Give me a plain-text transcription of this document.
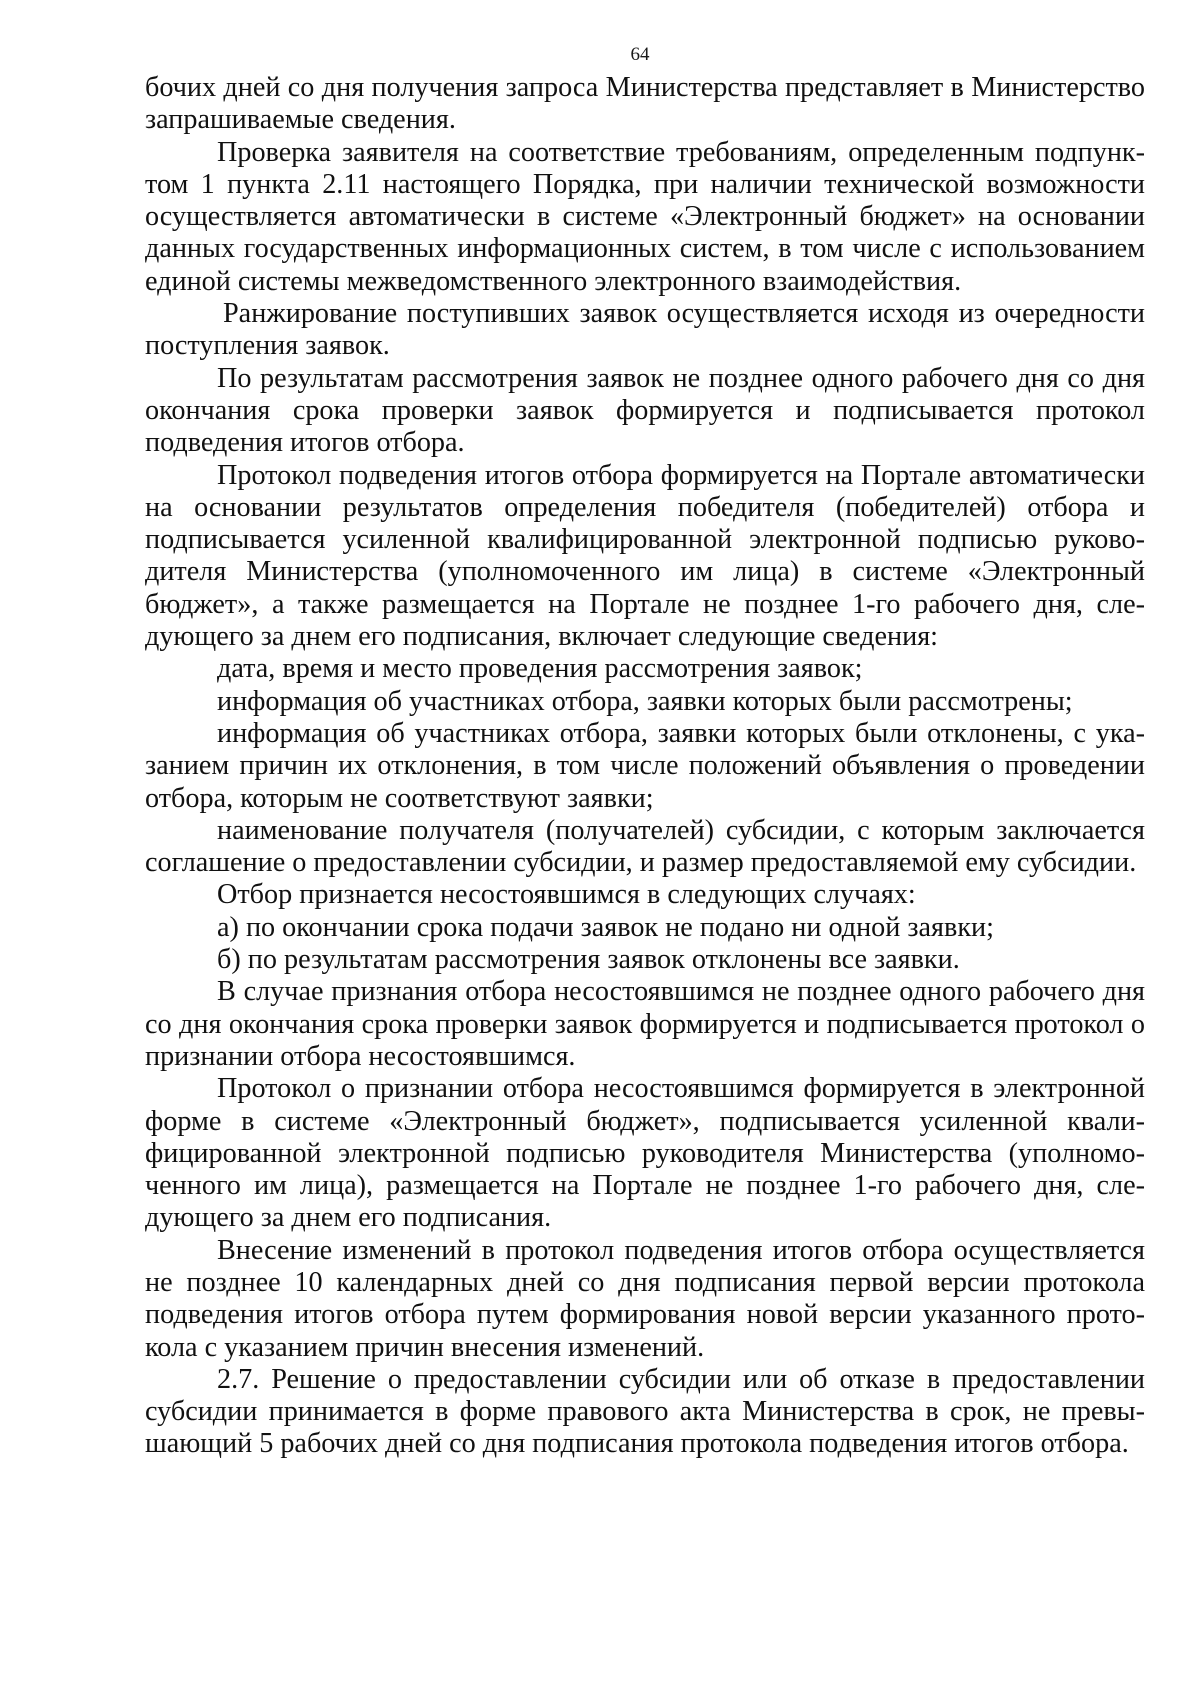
64

бочих дней со дня получения запроса Министерства представляет в Министерство запрашиваемые сведения.

Проверка заявителя на соответствие требованиям, определенным подпунктом 1 пункта 2.11 настоящего Порядка, при наличии технической возможности осуществляется автоматически в системе «Электронный бюджет» на основании данных государственных информационных систем, в том числе с использованием единой системы межведомственного электронного взаимодействия.

Ранжирование поступивших заявок осуществляется исходя из очередности поступления заявок.

По результатам рассмотрения заявок не позднее одного рабочего дня со дня окончания срока проверки заявок формируется и подписывается протокол подведения итогов отбора.

Протокол подведения итогов отбора формируется на Портале автоматически на основании результатов определения победителя (победителей) отбора и подписывается усиленной квалифицированной электронной подписью руководителя Министерства (уполномоченного им лица) в системе «Электронный бюджет», а также размещается на Портале не позднее 1-го рабочего дня, следующего за днем его подписания, включает следующие сведения:

дата, время и место проведения рассмотрения заявок;

информация об участниках отбора, заявки которых были рассмотрены;

информация об участниках отбора, заявки которых были отклонены, с указанием причин их отклонения, в том числе положений объявления о проведении отбора, которым не соответствуют заявки;

наименование получателя (получателей) субсидии, с которым заключается соглашение о предоставлении субсидии, и размер предоставляемой ему субсидии.

Отбор признается несостоявшимся в следующих случаях:

а) по окончании срока подачи заявок не подано ни одной заявки;

б) по результатам рассмотрения заявок отклонены все заявки.

В случае признания отбора несостоявшимся не позднее одного рабочего дня со дня окончания срока проверки заявок формируется и подписывается протокол о признании отбора несостоявшимся.

Протокол о признании отбора несостоявшимся формируется в электронной форме в системе «Электронный бюджет», подписывается усиленной квалифицированной электронной подписью руководителя Министерства (уполномоченного им лица), размещается на Портале не позднее 1-го рабочего дня, следующего за днем его подписания.

Внесение изменений в протокол подведения итогов отбора осуществляется не позднее 10 календарных дней со дня подписания первой версии протокола подведения итогов отбора путем формирования новой версии указанного протокола с указанием причин внесения изменений.

2.7. Решение о предоставлении субсидии или об отказе в предоставлении субсидии принимается в форме правового акта Министерства в срок, не превышающий 5 рабочих дней со дня подписания протокола подведения итогов отбора.
